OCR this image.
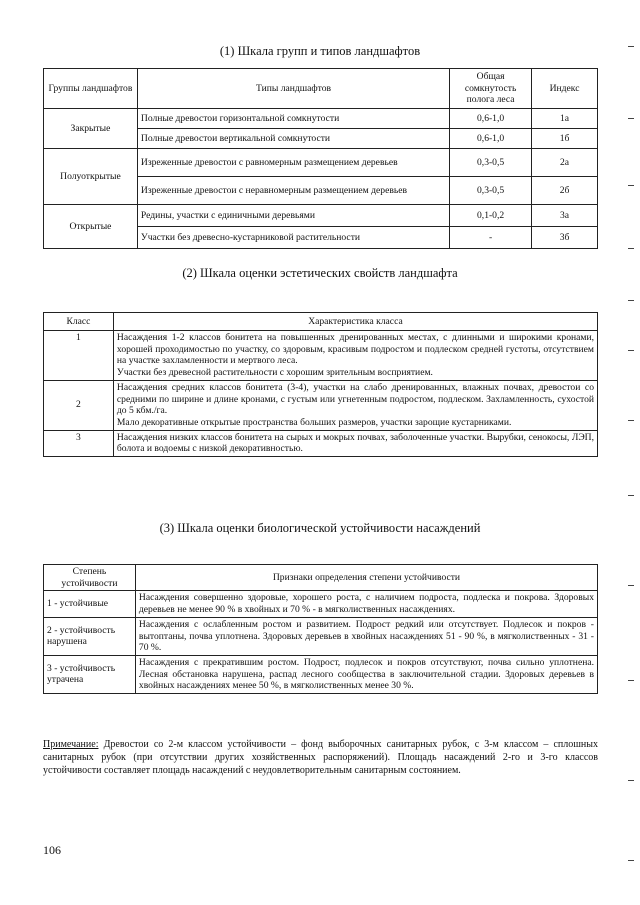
(1) Шкала групп и типов ландшафтов
Группы ландшафтов	Типы ландшафтов	Общая сомкнутость полога леса	Индекс
Закрытые	Полные древостои горизонтальной сомкнутости	0,6-1,0	1а
	Полные древостои вертикальной сомкнутости	0,6-1,0	1б
Полуоткрытые	Изреженные древостои с равномерным размещением деревьев	0,3-0,5	2а
	Изреженные древостои с неравномерным размещением деревьев	0,3-0,5	2б
Открытые	Редины, участки с единичными деревьями	0,1-0,2	3а
	Участки без древесно-кустарниковой растительности	-	3б
(2) Шкала оценки эстетических свойств ландшафта
Класс	Характеристика класса
1	Насаждения 1-2 классов бонитета на повышенных дренированных местах, с длинными и широкими кронами, хорошей проходимостью по участку, со здоровым, красивым подростом и подлеском средней густоты, отсутствием на участке захламленности и мертвого леса.
Участки без древесной растительности с хорошим зрительным восприятием.

2	Насаждения средних классов бонитета (3-4), участки на слабо дренированных, влажных почвах, древостои со средними по ширине и длине кронами, с густым или угнетенным подростом, подлеском. Захламленность, сухостой до 5 кбм./га.
Мало декоративные открытые пространства больших размеров, участки зарощие кустарниками.

3	Насаждения низких классов бонитета на сырых и мокрых почвах, заболоченные участки. Вырубки, сенокосы, ЛЭП, болота и водоемы с низкой декоративностью.
(3) Шкала оценки биологической устойчивости насаждений
Степень устойчивости	Признаки определения степени устойчивости
1 - устойчивые	Насаждения совершенно здоровые, хорошего роста, с наличием подроста, подлеска и покрова. Здоровых деревьев не менее 90 % в хвойных и 70 % - в мягколиственных насаждениях.
2 - устойчивость нарушена	Насаждения с ослабленным ростом и развитием. Подрост редкий или отсутствует. Подлесок и покров - вытоптаны, почва уплотнена. Здоровых деревьев в хвойных насаждениях 51 - 90 %, в мягколиственных - 31 - 70 %.
3 - устойчивость утрачена	Насаждения с прекратившим ростом. Подрост, подлесок и покров отсутствуют, почва сильно уплотнена. Лесная обстановка нарушена, распад лесного сообщества в заключительной стадии. Здоровых деревьев в хвойных насаждениях менее 50 %, в мягколиственных менее 30 %.
Примечание: Древостои со 2-м классом устойчивости – фонд выборочных санитарных рубок, с 3-м классом – сплошных санитарных рубок (при отсутствии других хозяйственных распоряжений). Площадь насаждений 2-го и 3-го классов устойчивости составляет площадь насаждений с неудовлетворительным санитарным состоянием.
106
